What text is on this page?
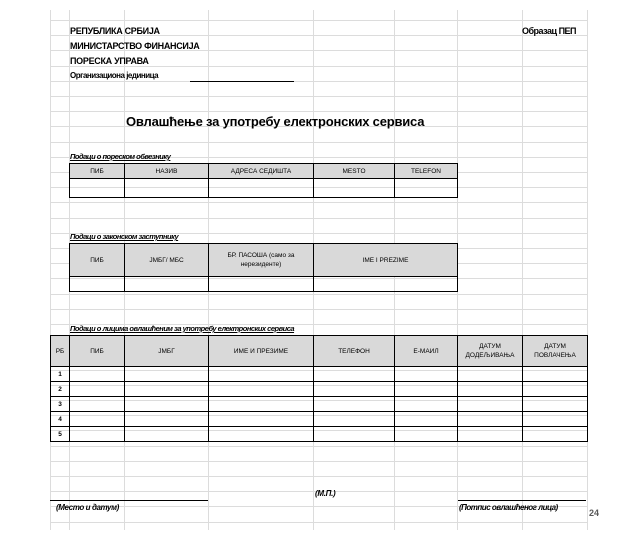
РЕПУБЛИКА СРБИЈА
МИНИСТАРСТВО ФИНАНСИЈА
ПОРЕСКА УПРАВА
Организациона јединица
Образац ПЕП
Овлашћење за употребу електронских сервиса
Подаци о пореском обвезнику
ПИБ	НАЗИВ	АДРЕСА СЕДИШТА	MESTO	TELEFON

Подаци о законском заступнику
ПИБ	ЈМБГ/ МБС	БР. ПАСОША (само за нерезиденте)	IME I PREZIME

Подаци о лицима овлашћеним за употребу електронских сервиса
РБ	ПИБ	ЈМБГ	ИМЕ И ПРЕЗИМЕ	ТЕЛЕФОН	Е-МАИЛ	ДАТУМ ДОДЕЉИВАЊА	ДАТУМ ПОВЛАЧЕЊА
1							
2							
3							
4							
5							
(Место и датум)
(М.П.)
(Потпис овлашћеног лица)
24
